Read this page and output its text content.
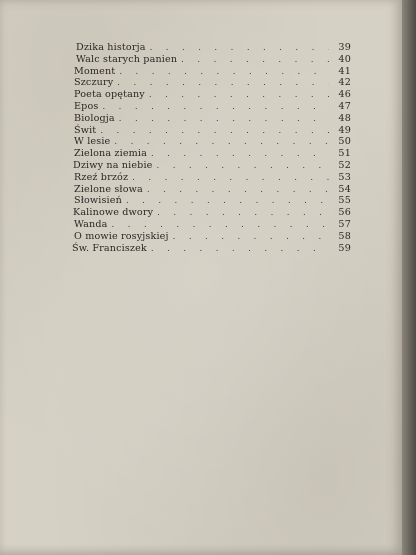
Dzika historja . . .	39
Walc starych panien . . .	40
Moment . . .	41
Szczury . . .	42
Poeta opętany . . .	46
Epos . . .	47
Biologja . . .	48
Świt . . .	49
W lesie . . .	50
Zielona ziemia . . .	51
Dziwy na niebie . . .	52
Rzeź brzóz . . .	53
Zielone słowa . . .	54
Słowisień . . .	55
Kalinowe dwory . . .	56
Wanda . . .	57
O mowie rosyjskiej . . .	58
Św. Franciszek . . .	59
